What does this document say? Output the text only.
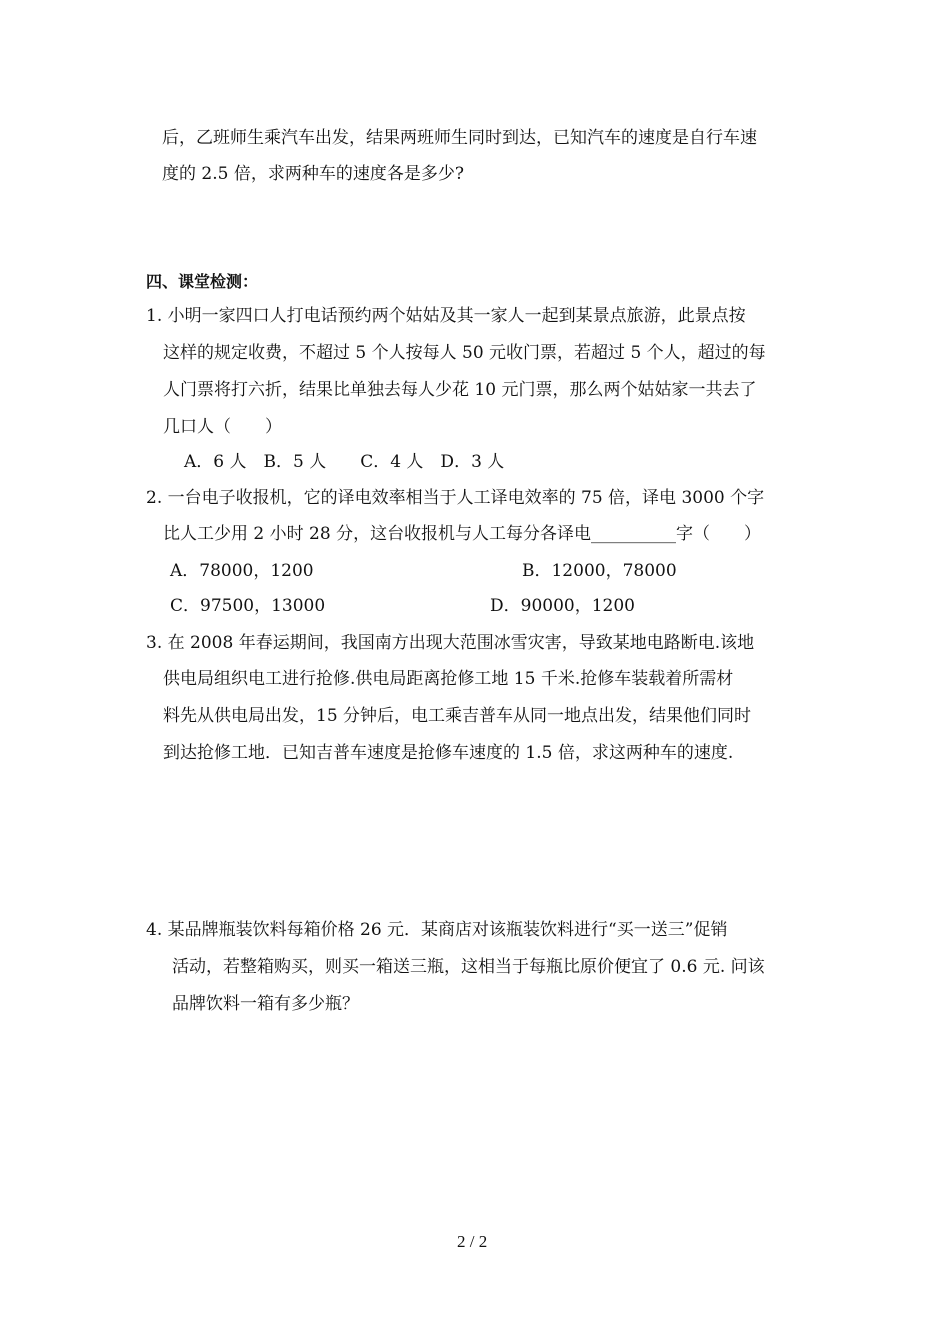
后，乙班师生乘汽车出发，结果两班师生同时到达，已知汽车的速度是自行车速
度的 2.5 倍，求两种车的速度各是多少?
四、课堂检测：
1. 小明一家四口人打电话预约两个姑姑及其一家人一起到某景点旅游，此景点按
这样的规定收费，不超过 5 个人按每人 50 元收门票，若超过 5 个人，超过的每
人门票将打六折，结果比单独去每人少花 10 元门票，那么两个姑姑家一共去了
几口人（　　）
A．6 人　B．5 人　　C．4 人　D．3 人
2. 一台电子收报机，它的译电效率相当于人工译电效率的 75 倍，译电 3000 个字
比人工少用 2 小时 28 分，这台收报机与人工每分各译电__________字（　　）
A．78000，1200	B．12000，78000
C．97500，13000	D．90000，1200
3. 在 2008 年春运期间，我国南方出现大范围冰雪灾害，导致某地电路断电.该地
供电局组织电工进行抢修.供电局距离抢修工地 15 千米.抢修车装载着所需材
料先从供电局出发，15 分钟后，电工乘吉普车从同一地点出发，结果他们同时
到达抢修工地．已知吉普车速度是抢修车速度的 1.5 倍，求这两种车的速度.
4. 某品牌瓶装饮料每箱价格 26 元．某商店对该瓶装饮料进行“买一送三”促销
活动，若整箱购买，则买一箱送三瓶，这相当于每瓶比原价便宜了 0.6 元. 问该
品牌饮料一箱有多少瓶？
2 / 2
